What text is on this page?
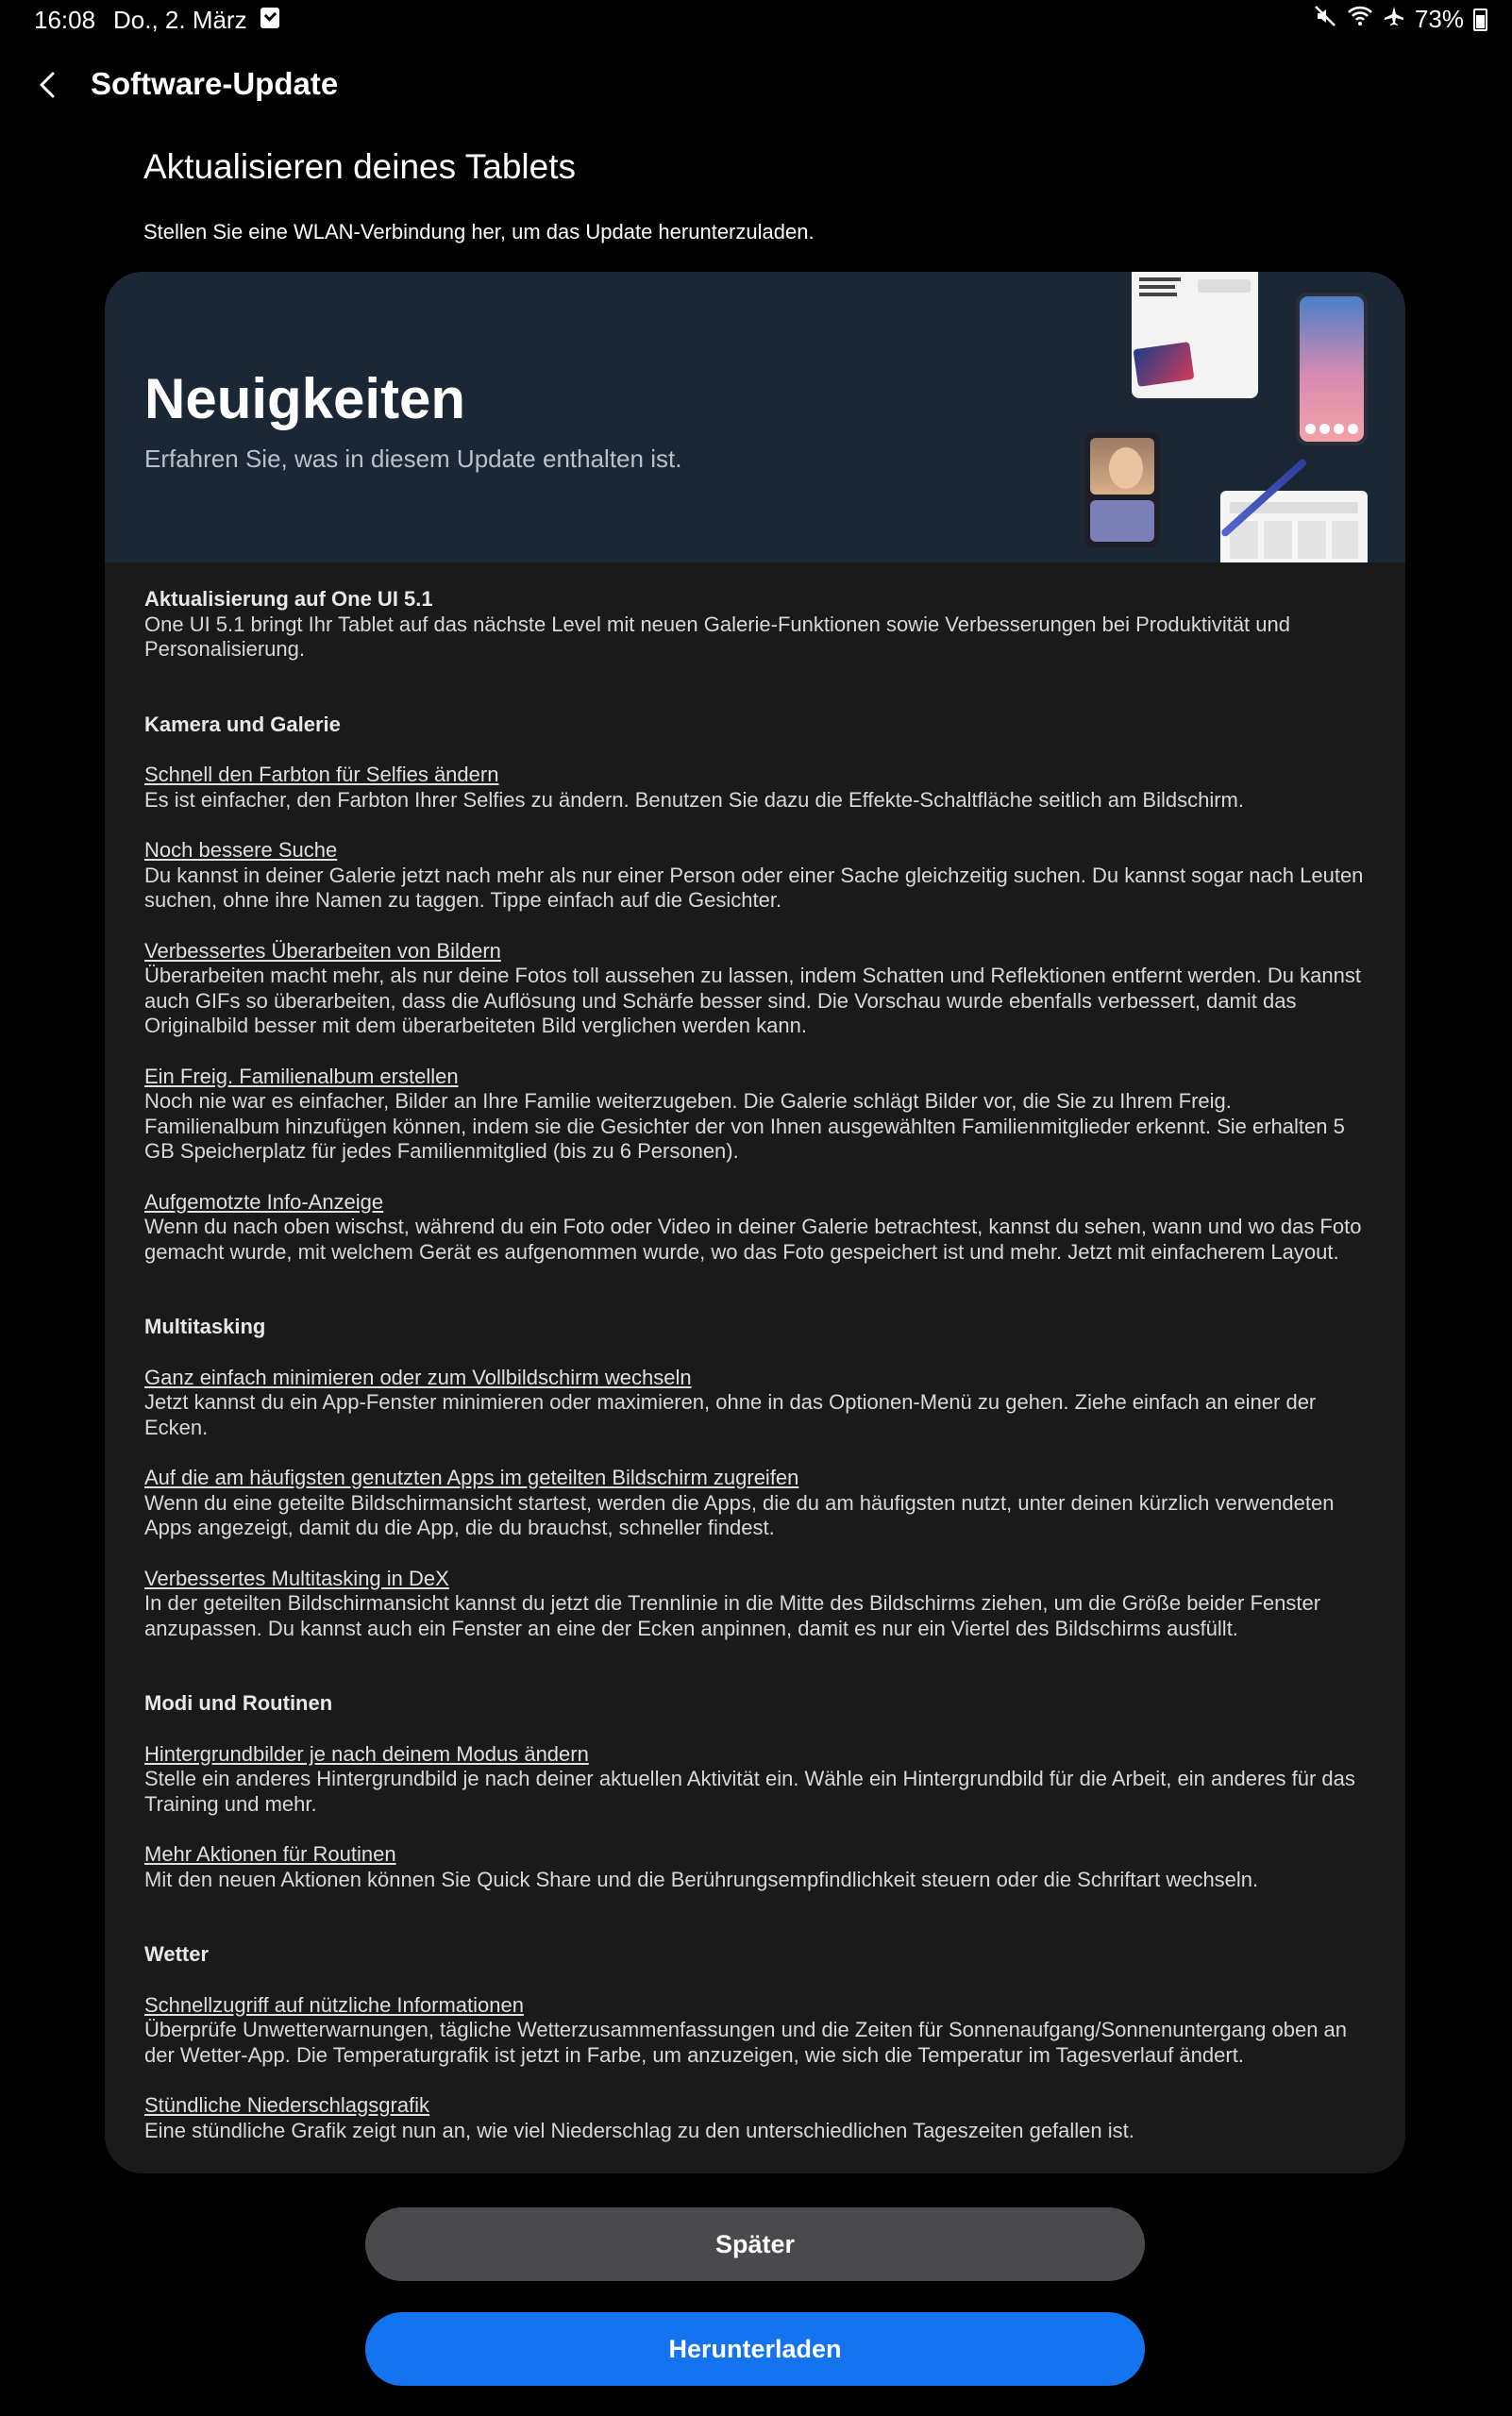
16:08 Do., 2. März	73%
Software-Update
Aktualisieren deines Tablets
Stellen Sie eine WLAN-Verbindung her, um das Update herunterzuladen.
Neuigkeiten
Erfahren Sie, was in diesem Update enthalten ist.
Aktualisierung auf One UI 5.1
One UI 5.1 bringt Ihr Tablet auf das nächste Level mit neuen Galerie-Funktionen sowie Verbesserungen bei Produktivität und Personalisierung.
Kamera und Galerie
Schnell den Farbton für Selfies ändern
Es ist einfacher, den Farbton Ihrer Selfies zu ändern. Benutzen Sie dazu die Effekte-Schaltfläche seitlich am Bildschirm.
Noch bessere Suche
Du kannst in deiner Galerie jetzt nach mehr als nur einer Person oder einer Sache gleichzeitig suchen. Du kannst sogar nach Leuten suchen, ohne ihre Namen zu taggen. Tippe einfach auf die Gesichter.
Verbessertes Überarbeiten von Bildern
Überarbeiten macht mehr, als nur deine Fotos toll aussehen zu lassen, indem Schatten und Reflektionen entfernt werden. Du kannst auch GIFs so überarbeiten, dass die Auflösung und Schärfe besser sind. Die Vorschau wurde ebenfalls verbessert, damit das Originalbild besser mit dem überarbeiteten Bild verglichen werden kann.
Ein Freig. Familienalbum erstellen
Noch nie war es einfacher, Bilder an Ihre Familie weiterzugeben. Die Galerie schlägt Bilder vor, die Sie zu Ihrem Freig. Familienalbum hinzufügen können, indem sie die Gesichter der von Ihnen ausgewählten Familienmitglieder erkennt. Sie erhalten 5 GB Speicherplatz für jedes Familienmitglied (bis zu 6 Personen).
Aufgemotzte Info-Anzeige
Wenn du nach oben wischst, während du ein Foto oder Video in deiner Galerie betrachtest, kannst du sehen, wann und wo das Foto gemacht wurde, mit welchem Gerät es aufgenommen wurde, wo das Foto gespeichert ist und mehr. Jetzt mit einfacherem Layout.
Multitasking
Ganz einfach minimieren oder zum Vollbildschirm wechseln
Jetzt kannst du ein App-Fenster minimieren oder maximieren, ohne in das Optionen-Menü zu gehen. Ziehe einfach an einer der Ecken.
Auf die am häufigsten genutzten Apps im geteilten Bildschirm zugreifen
Wenn du eine geteilte Bildschirmansicht startest, werden die Apps, die du am häufigsten nutzt, unter deinen kürzlich verwendeten Apps angezeigt, damit du die App, die du brauchst, schneller findest.
Verbessertes Multitasking in DeX
In der geteilten Bildschirmansicht kannst du jetzt die Trennlinie in die Mitte des Bildschirms ziehen, um die Größe beider Fenster anzupassen. Du kannst auch ein Fenster an eine der Ecken anpinnen, damit es nur ein Viertel des Bildschirms ausfüllt.
Modi und Routinen
Hintergrundbilder je nach deinem Modus ändern
Stelle ein anderes Hintergrundbild je nach deiner aktuellen Aktivität ein. Wähle ein Hintergrundbild für die Arbeit, ein anderes für das Training und mehr.
Mehr Aktionen für Routinen
Mit den neuen Aktionen können Sie Quick Share und die Berührungsempfindlichkeit steuern oder die Schriftart wechseln.
Wetter
Schnellzugriff auf nützliche Informationen
Überprüfe Unwetterwarnungen, tägliche Wetterzusammenfassungen und die Zeiten für Sonnenaufgang/Sonnenuntergang oben an der Wetter-App. Die Temperaturgrafik ist jetzt in Farbe, um anzuzeigen, wie sich die Temperatur im Tagesverlauf ändert.
Stündliche Niederschlagsgrafik
Eine stündliche Grafik zeigt nun an, wie viel Niederschlag zu den unterschiedlichen Tageszeiten gefallen ist.
Später
Herunterladen
